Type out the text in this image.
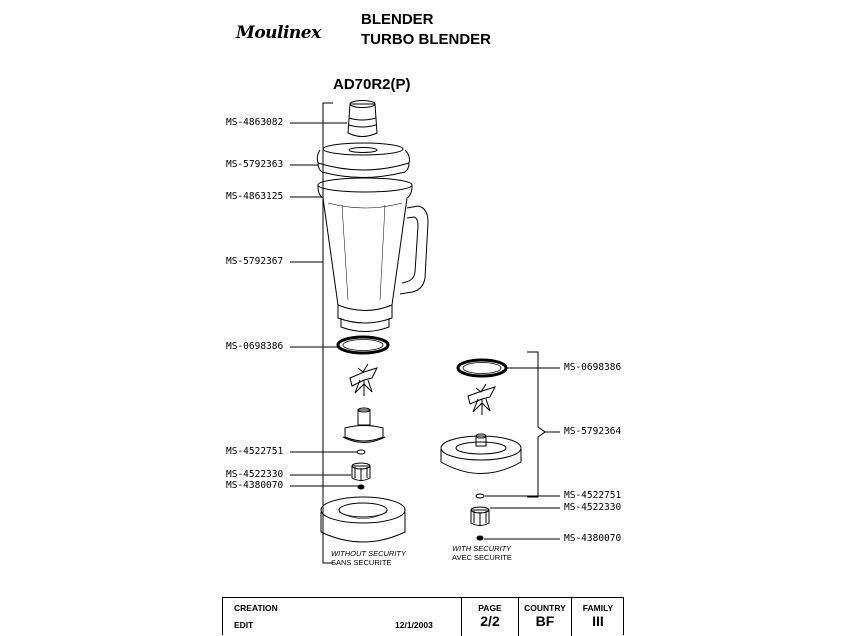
Moulinex
BLENDER
TURBO BLENDER
AD70R2(P)
MS-4863082
MS-5792363
MS-4863125
MS-5792367
MS-0698386
MS-4522751
MS-4522330
MS-4380070
MS-0698386
MS-5792364
MS-4522751
MS-4522330
MS-4380070
WITHOUT SECURITY
SANS SECURITE
WITH SECURITY
AVEC SECURITE
CREATION
EDIT	12/1/2003
PAGE
2/2
COUNTRY
BF
FAMILY
III
